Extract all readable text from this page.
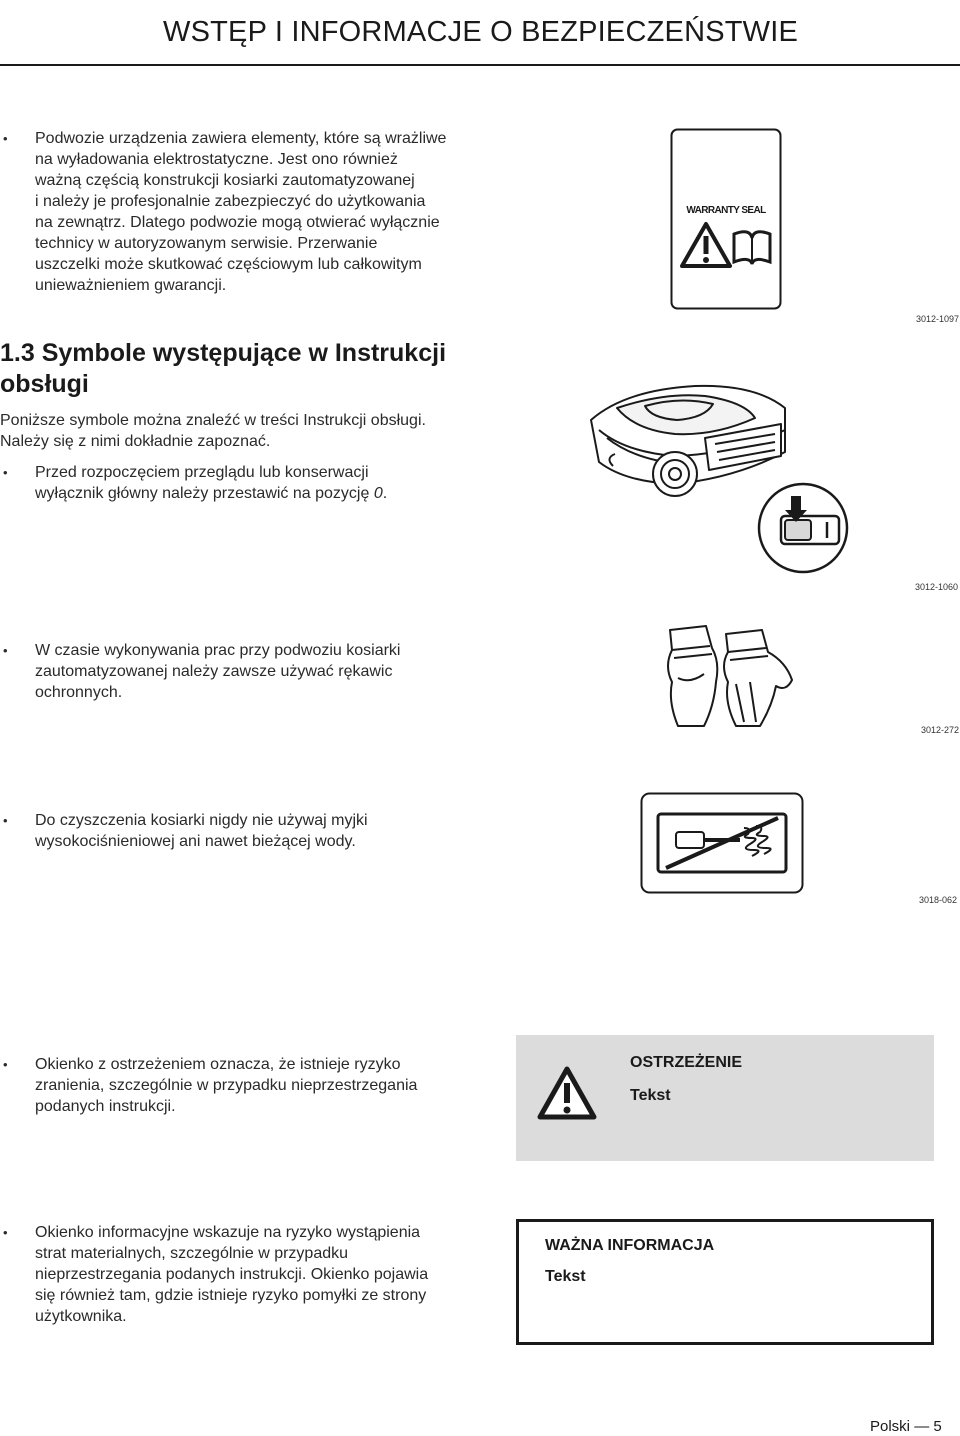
WSTĘP I INFORMACJE O BEZPIECZEŃSTWIE
• Podwozie urządzenia zawiera elementy, które są wrażliwe
na wyładowania elektrostatyczne. Jest ono również
ważną częścią konstrukcji kosiarki zautomatyzowanej
i należy je profesjonalnie zabezpieczyć do użytkowania
na zewnątrz. Dlatego podwozie mogą otwierać wyłącznie
technicy w autoryzowanym serwisie. Przerwanie
uszczelki może skutkować częściowym lub całkowitym
unieważnieniem gwarancji.
WARRANTY SEAL
3012-1097
1.3 Symbole występujące w Instrukcji
obsługi
Poniższe symbole można znaleźć w treści Instrukcji obsługi.
Należy się z nimi dokładnie zapoznać.
• Przed rozpoczęciem przeglądu lub konserwacji
wyłącznik główny należy przestawić na pozycję 0.
3012-1060
• W czasie wykonywania prac przy podwoziu kosiarki
zautomatyzowanej należy zawsze używać rękawic
ochronnych.
3012-272
• Do czyszczenia kosiarki nigdy nie używaj myjki
wysokociśnieniowej ani nawet bieżącej wody.
3018-062
• Okienko z ostrzeżeniem oznacza, że istnieje ryzyko
zranienia, szczególnie w przypadku nieprzestrzegania
podanych instrukcji.
OSTRZEŻENIE
Tekst
• Okienko informacyjne wskazuje na ryzyko wystąpienia
strat materialnych, szczególnie w przypadku
nieprzestrzegania podanych instrukcji. Okienko pojawia
się również tam, gdzie istnieje ryzyko pomyłki ze strony
użytkownika.
WAŻNA INFORMACJA
Tekst
Polski — 5
